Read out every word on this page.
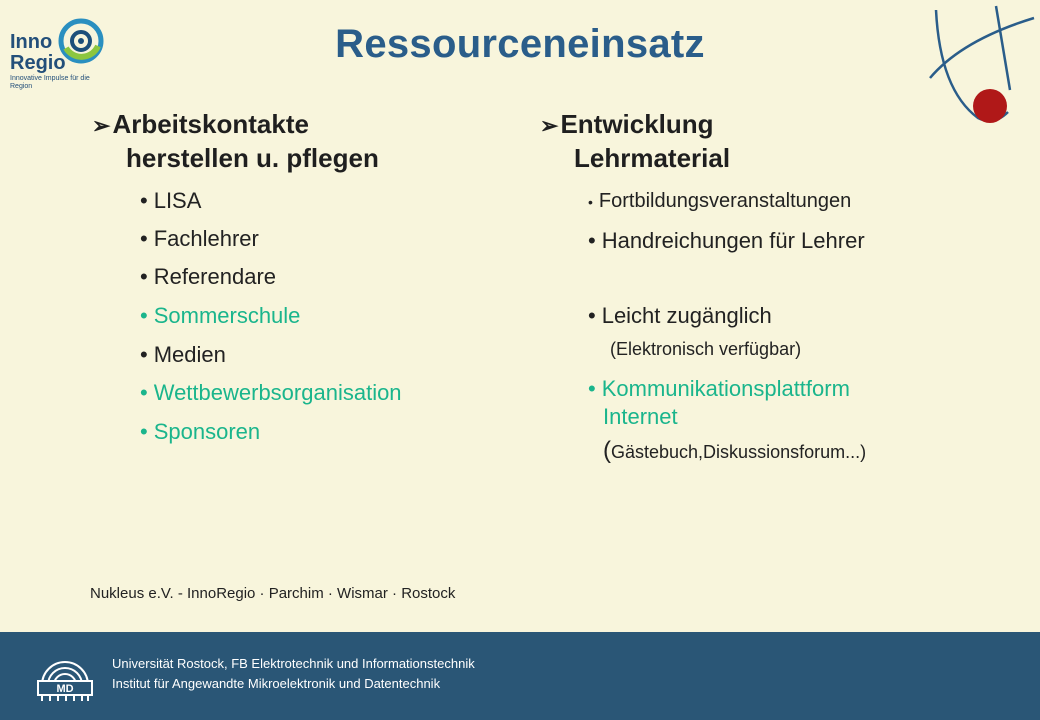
Inno
Regio
Innovative Impulse für die Region
Ressourceneinsatz
➢Arbeitskontakte
herstellen u. pflegen
• LISA
• Fachlehrer
• Referendare
• Sommerschule
• Medien
• Wettbewerbsorganisation
• Sponsoren
➢Entwicklung
Lehrmaterial
• Fortbildungsveranstaltungen
• Handreichungen für Lehrer
• Leicht zugänglich
(Elektronisch verfügbar)
• Kommunikationsplattform
Internet
(Gästebuch,Diskussionsforum...)
Nukleus e.V. - InnoRegio · Parchim · Wismar · Rostock
Universität Rostock, FB Elektrotechnik und Informationstechnik
Institut für Angewandte Mikroelektronik und Datentechnik
MD
